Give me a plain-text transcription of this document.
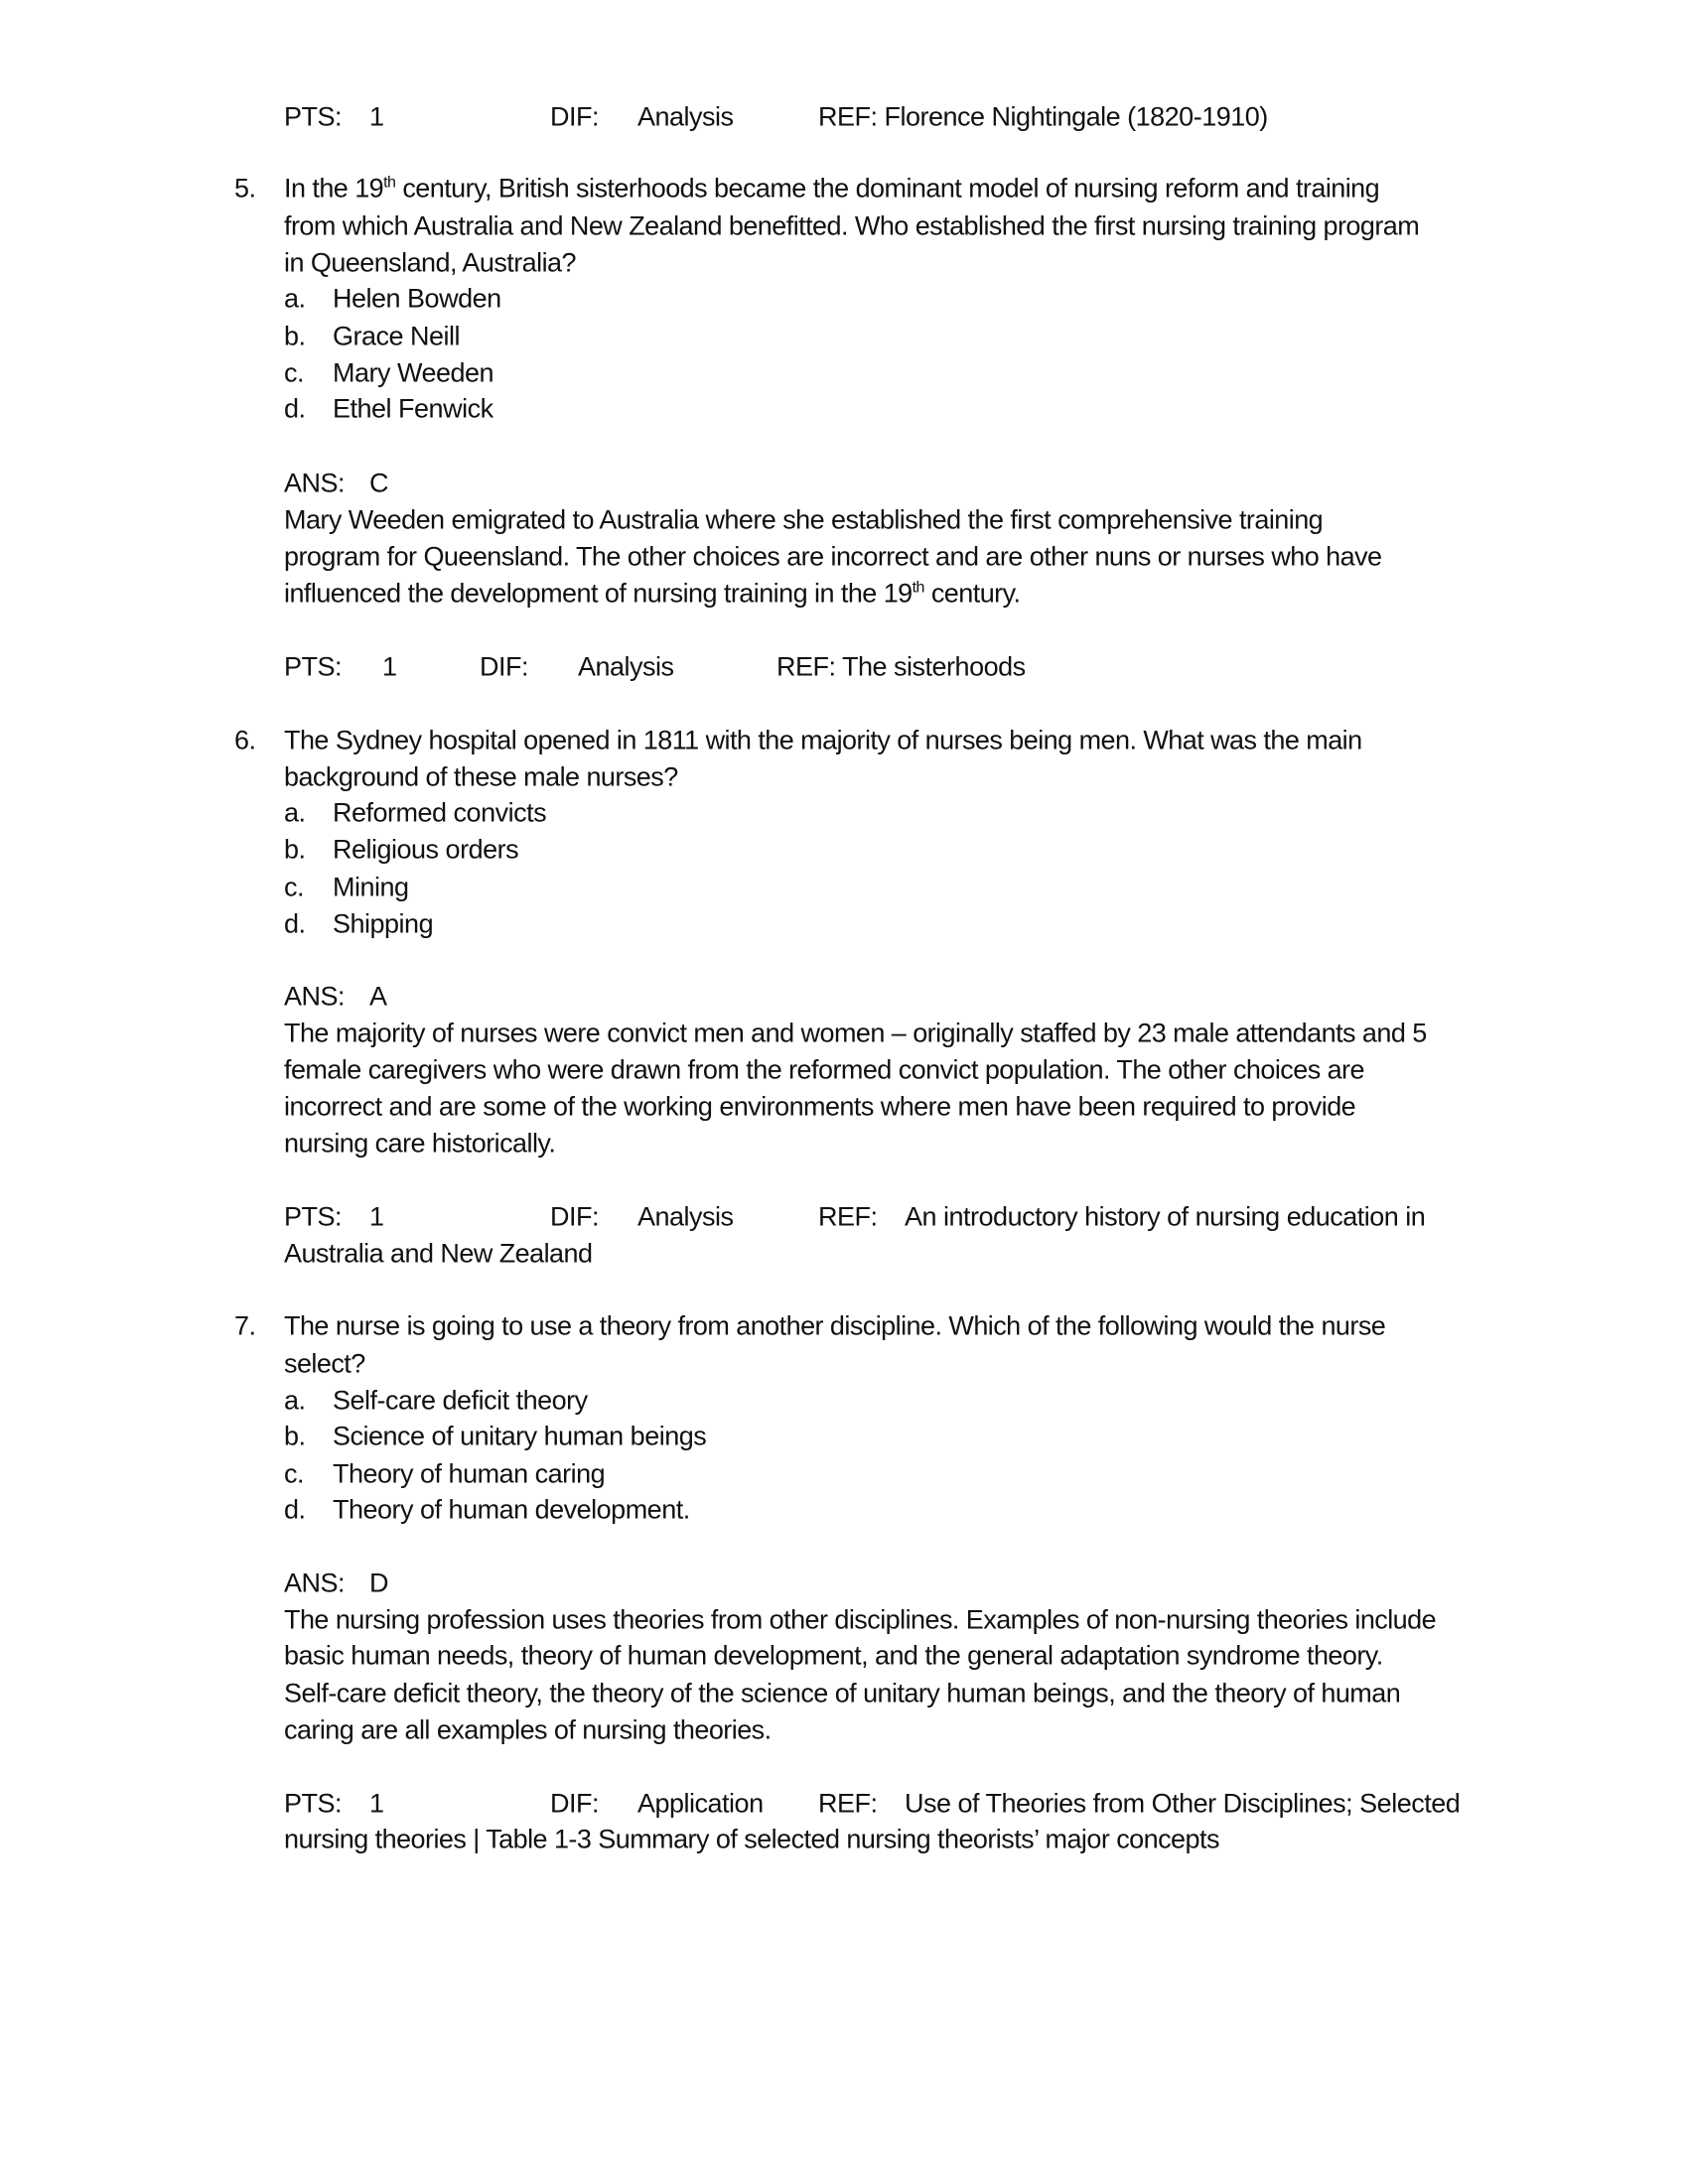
PTS: 1	DIF: Analysis	REF: Florence Nightingale (1820-1910)
5. In the 19th century, British sisterhoods became the dominant model of nursing reform and training
from which Australia and New Zealand benefitted. Who established the first nursing training program
in Queensland, Australia?
a. Helen Bowden
b. Grace Neill
c. Mary Weeden
d. Ethel Fenwick
ANS: C
Mary Weeden emigrated to Australia where she established the first comprehensive training
program for Queensland. The other choices are incorrect and are other nuns or nurses who have
influenced the development of nursing training in the 19th century.
PTS: 1	DIF: Analysis	REF: The sisterhoods
6. The Sydney hospital opened in 1811 with the majority of nurses being men. What was the main
background of these male nurses?
a. Reformed convicts
b. Religious orders
c. Mining
d. Shipping
ANS: A
The majority of nurses were convict men and women – originally staffed by 23 male attendants and 5
female caregivers who were drawn from the reformed convict population. The other choices are
incorrect and are some of the working environments where men have been required to provide
nursing care historically.
PTS: 1	DIF: Analysis	REF: An introductory history of nursing education in
Australia and New Zealand
7. The nurse is going to use a theory from another discipline. Which of the following would the nurse
select?
a. Self-care deficit theory
b. Science of unitary human beings
c. Theory of human caring
d. Theory of human development.
ANS: D
The nursing profession uses theories from other disciplines. Examples of non-nursing theories include
basic human needs, theory of human development, and the general adaptation syndrome theory.
Self-care deficit theory, the theory of the science of unitary human beings, and the theory of human
caring are all examples of nursing theories.
PTS: 1	DIF: Application REF: Use of Theories from Other Disciplines; Selected
nursing theories | Table 1-3 Summary of selected nursing theorists’ major concepts
